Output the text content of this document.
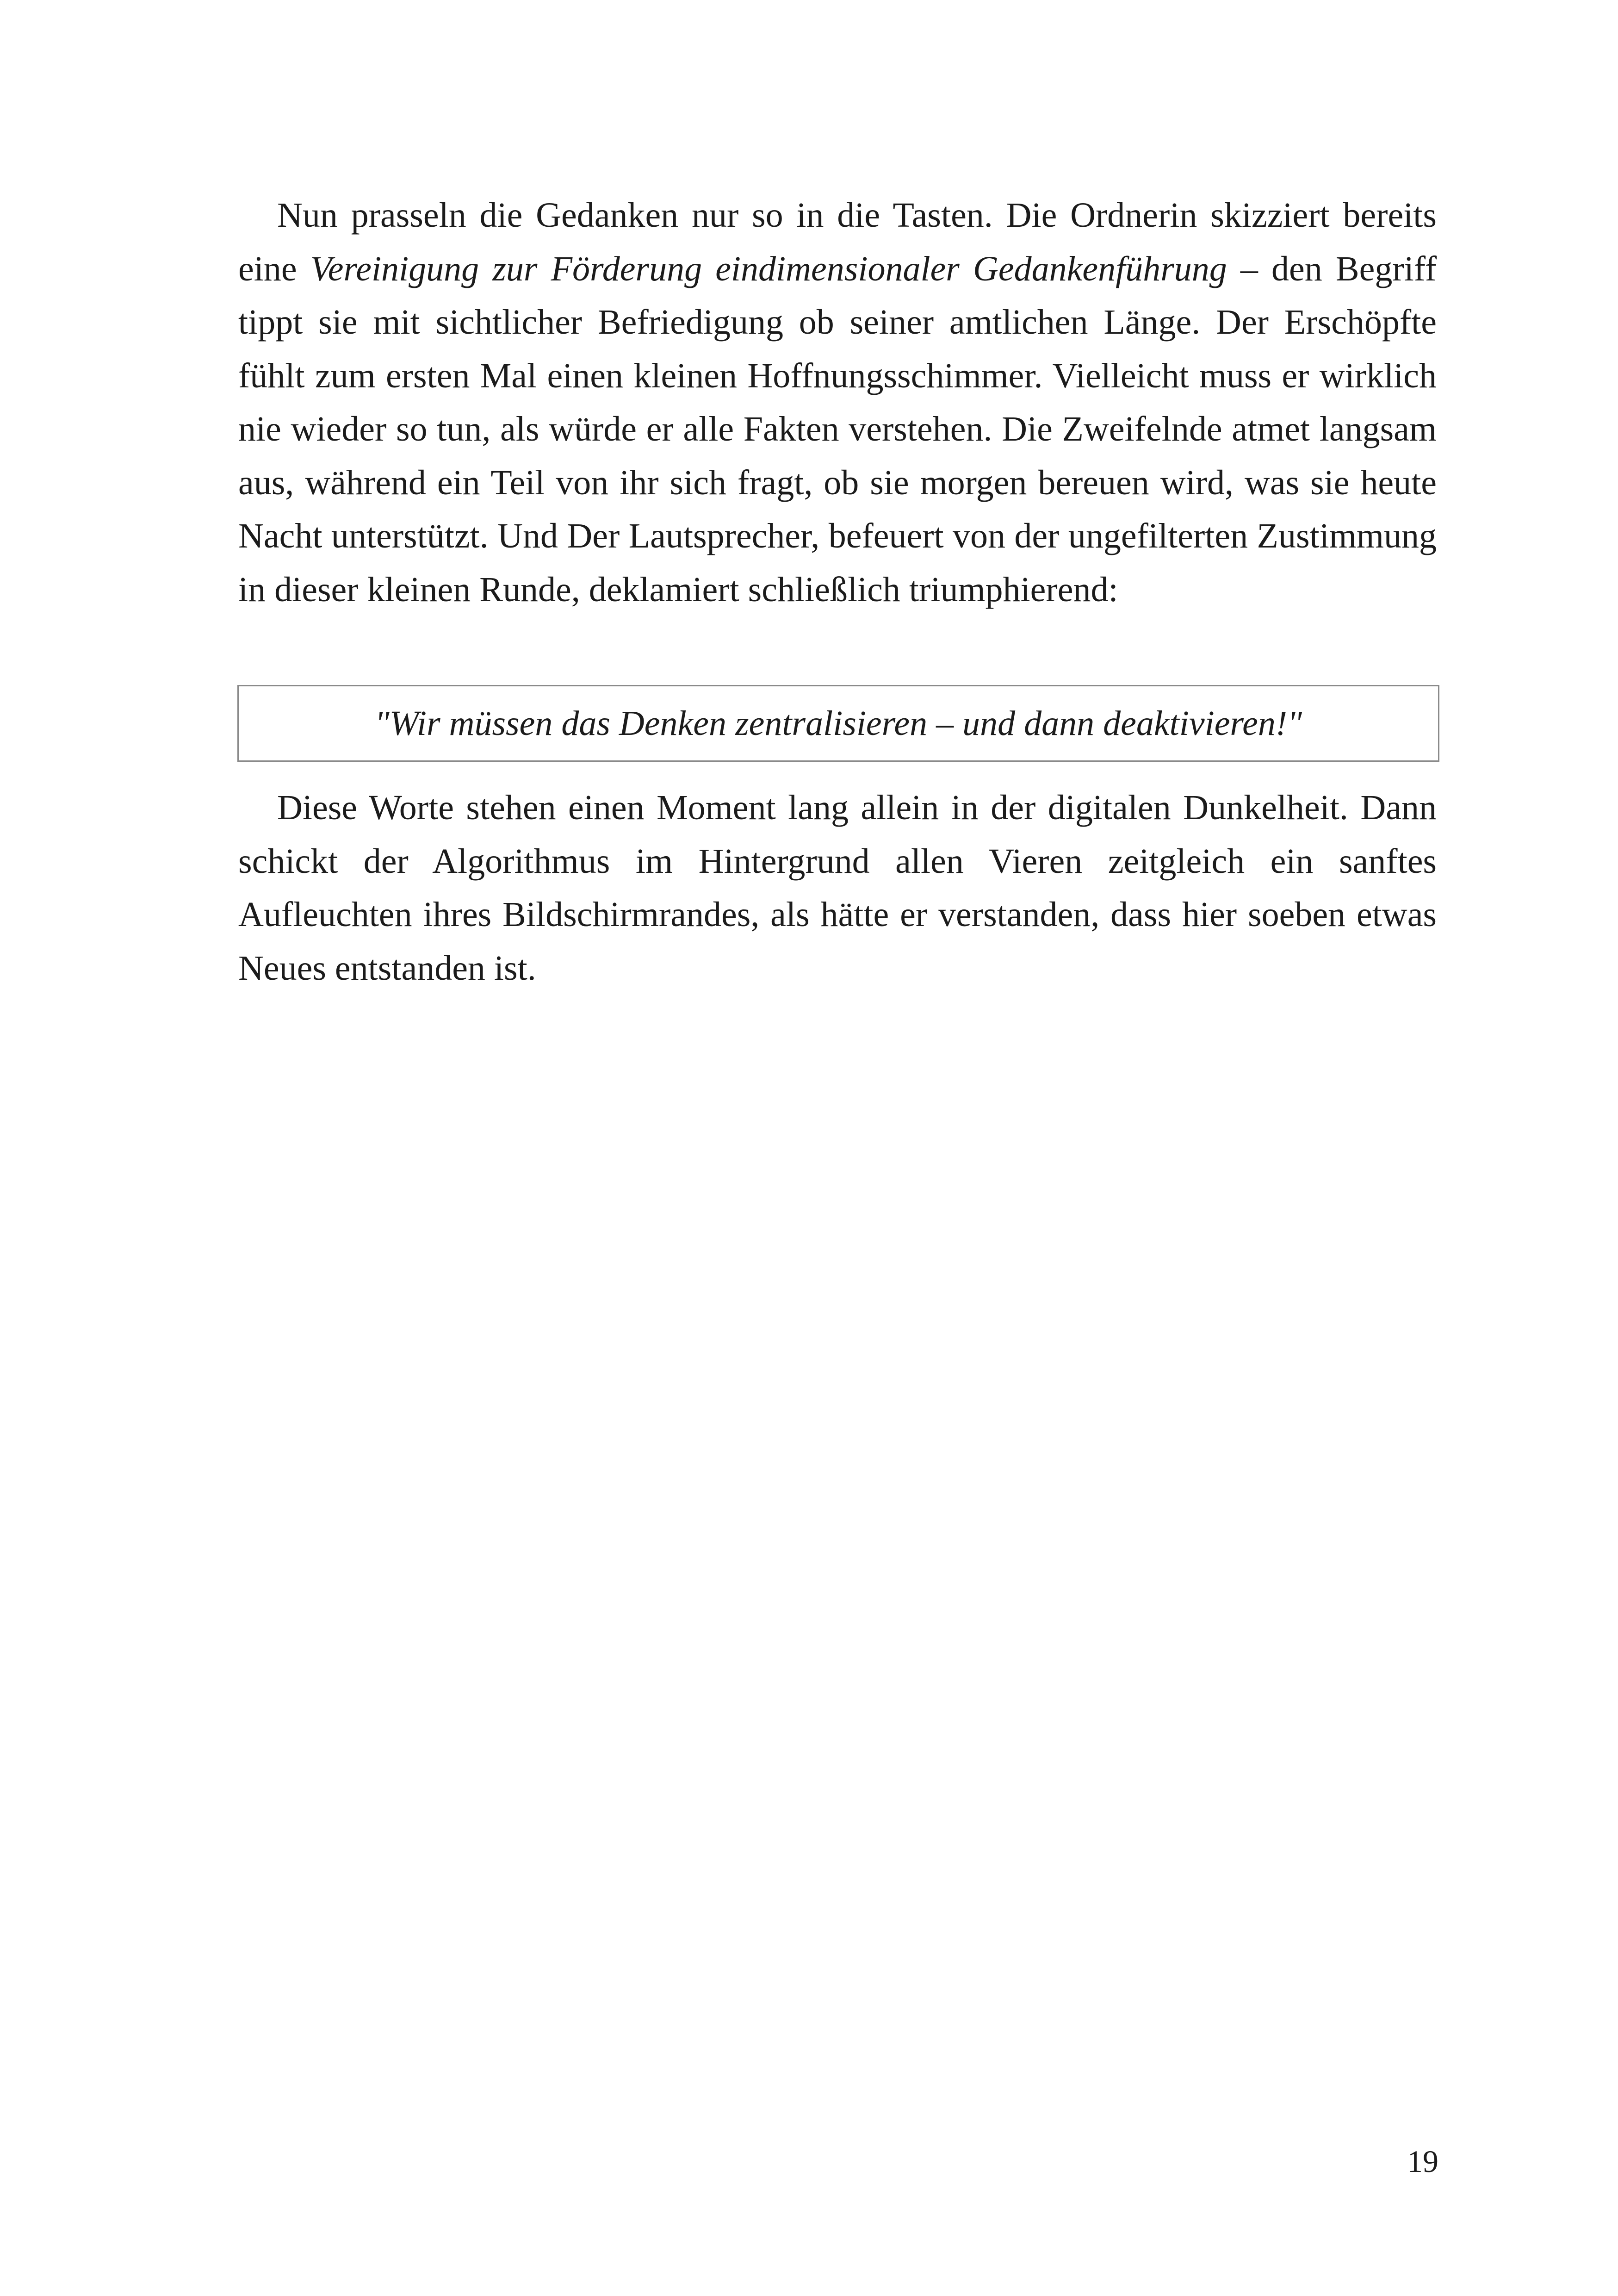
Nun prasseln die Gedanken nur so in die Tasten. Die Ordnerin skizziert bereits eine Vereinigung zur Förderung eindimensionaler Gedankenführung – den Begriff tippt sie mit sichtlicher Befriedigung ob seiner amtlichen Länge. Der Erschöpfte fühlt zum ersten Mal einen kleinen Hoffnungsschimmer. Vielleicht muss er wirklich nie wieder so tun, als würde er alle Fakten verstehen. Die Zweifelnde atmet langsam aus, während ein Teil von ihr sich fragt, ob sie morgen bereuen wird, was sie heute Nacht unterstützt. Und Der Lautsprecher, befeuert von der ungefilterten Zustimmung in dieser kleinen Runde, deklamiert schließlich triumphierend:

"Wir müssen das Denken zentralisieren – und dann deaktivieren!"

Diese Worte stehen einen Moment lang allein in der digitalen Dunkelheit. Dann schickt der Algorithmus im Hintergrund allen Vieren zeitgleich ein sanftes Aufleuchten ihres Bildschirmrandes, als hätte er verstanden, dass hier soeben etwas Neues entstanden ist.

19
